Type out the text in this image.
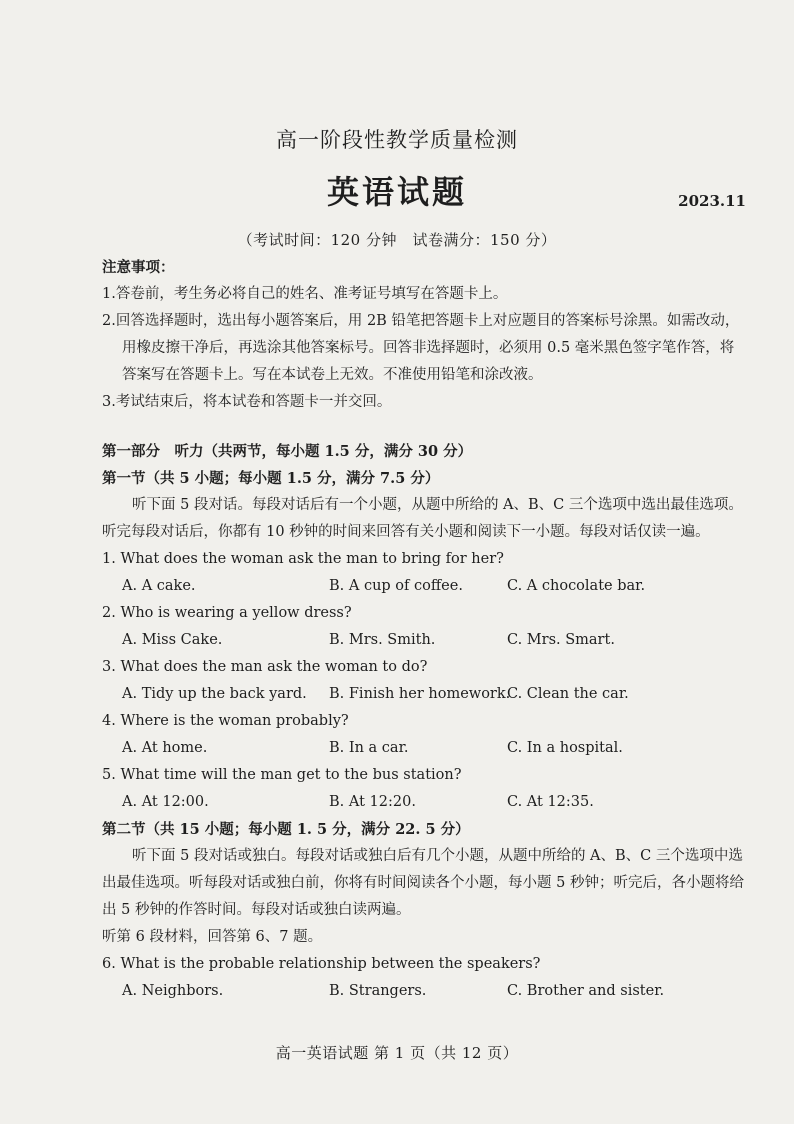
高一阶段性教学质量检测
英语试题	2023.11
（考试时间：120 分钟　试卷满分：150 分）
注意事项：
1.答卷前，考生务必将自己的姓名、准考证号填写在答题卡上。
2.回答选择题时，选出每小题答案后，用 2B 铅笔把答题卡上对应题目的答案标号涂黑。如需改动，用橡皮擦干净后，再选涂其他答案标号。回答非选择题时，必须用 0.5 毫米黑色签字笔作答，将答案写在答题卡上。写在本试卷上无效。不准使用铅笔和涂改液。
3.考试结束后，将本试卷和答题卡一并交回。
第一部分　听力（共两节，每小题 1.5 分，满分 30 分）
第一节（共 5 小题；每小题 1.5 分，满分 7.5 分）
听下面 5 段对话。每段对话后有一个小题，从题中所给的 A、B、C 三个选项中选出最佳选项。听完每段对话后，你都有 10 秒钟的时间来回答有关小题和阅读下一小题。每段对话仅读一遍。
1. What does the woman ask the man to bring for her?
A. A cake.	B. A cup of coffee.	C. A chocolate bar.
2. Who is wearing a yellow dress?
A. Miss Cake.	B. Mrs. Smith.	C. Mrs. Smart.
3. What does the man ask the woman to do?
A. Tidy up the back yard.	B. Finish her homework.
C. Clean the car.
4. Where is the woman probably?
A. At home.	B. In a car.	C. In a hospital.
5. What time will the man get to the bus station?
A. At 12:00.	B. At 12:20.	C. At 12:35.
第二节（共 15 小题；每小题 1. 5 分，满分 22. 5 分）
听下面 5 段对话或独白。每段对话或独白后有几个小题，从题中所给的 A、B、C 三个选项中选出最佳选项。听每段对话或独白前，你将有时间阅读各个小题，每小题 5 秒钟；听完后，各小题将给出 5 秒钟的作答时间。每段对话或独白读两遍。
听第 6 段材料，回答第 6、7 题。
6. What is the probable relationship between the speakers?
A. Neighbors.	B. Strangers.	C. Brother and sister.
高一英语试题 第 1 页（共 12 页）
